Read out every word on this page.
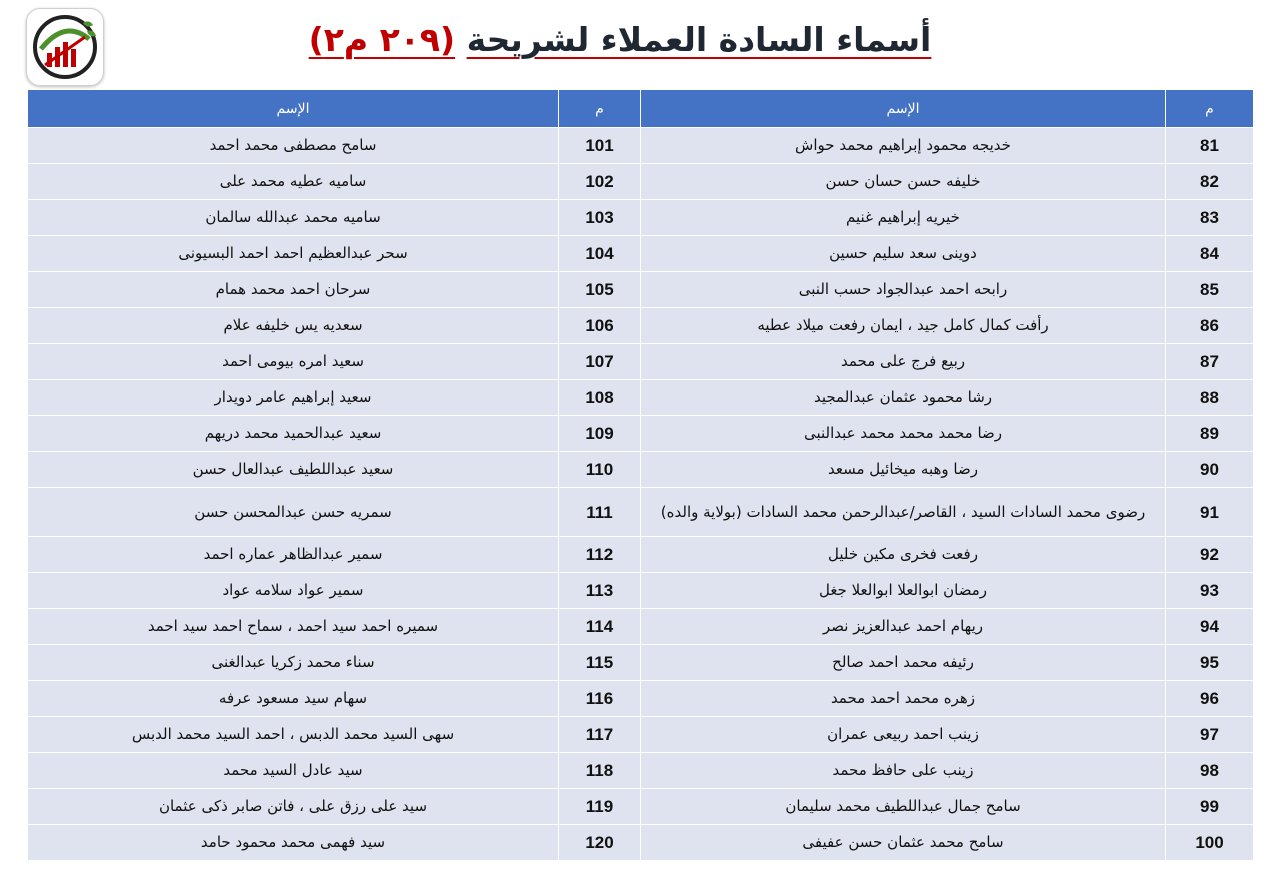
أسماء السادة العملاء لشريحة (٢٠٩ م٢)
م	الإسم	م	الإسم
81	خديجه محمود إبراهيم محمد حواش	101	سامح مصطفى محمد احمد
82	خليفه حسن حسان حسن	102	ساميه عطيه محمد على
83	خيريه إبراهيم غنيم	103	ساميه محمد عبدالله سالمان
84	دوينى سعد سليم حسين	104	سحر عبدالعظيم احمد احمد البسيونى
85	رابحه احمد عبدالجواد حسب النبى	105	سرحان احمد محمد همام
86	رأفت كمال كامل جيد ، ايمان رفعت ميلاد عطيه	106	سعديه يس خليفه علام
87	ربيع فرج على محمد	107	سعيد امره بيومى احمد
88	رشا محمود عثمان عبدالمجيد	108	سعيد إبراهيم عامر دويدار
89	رضا محمد محمد محمد عبدالنبى	109	سعيد عبدالحميد محمد دريهم
90	رضا وهبه ميخائيل مسعد	110	سعيد عبداللطيف عبدالعال حسن
91	رضوى محمد السادات السيد ، القاصر/عبدالرحمن محمد السادات (بولاية والده)	111	سمريه حسن عبدالمحسن حسن
92	رفعت فخرى مكين خليل	112	سمير عبدالظاهر عماره احمد
93	رمضان ابوالعلا ابوالعلا جغل	113	سمير عواد سلامه عواد
94	ريهام احمد عبدالعزيز نصر	114	سميره احمد سيد احمد ، سماح احمد سيد احمد
95	رئيفه محمد احمد صالح	115	سناء محمد زكريا عبدالغنى
96	زهره محمد احمد محمد	116	سهام سيد مسعود عرفه
97	زينب احمد ربيعى عمران	117	سهى السيد محمد الدبس ، احمد السيد محمد الدبس
98	زينب على حافظ محمد	118	سيد عادل السيد محمد
99	سامح جمال عبداللطيف محمد سليمان	119	سيد على رزق على ، فاتن صابر ذكى عثمان
100	سامح محمد عثمان حسن عفيفى	120	سيد فهمى محمد محمود حامد
